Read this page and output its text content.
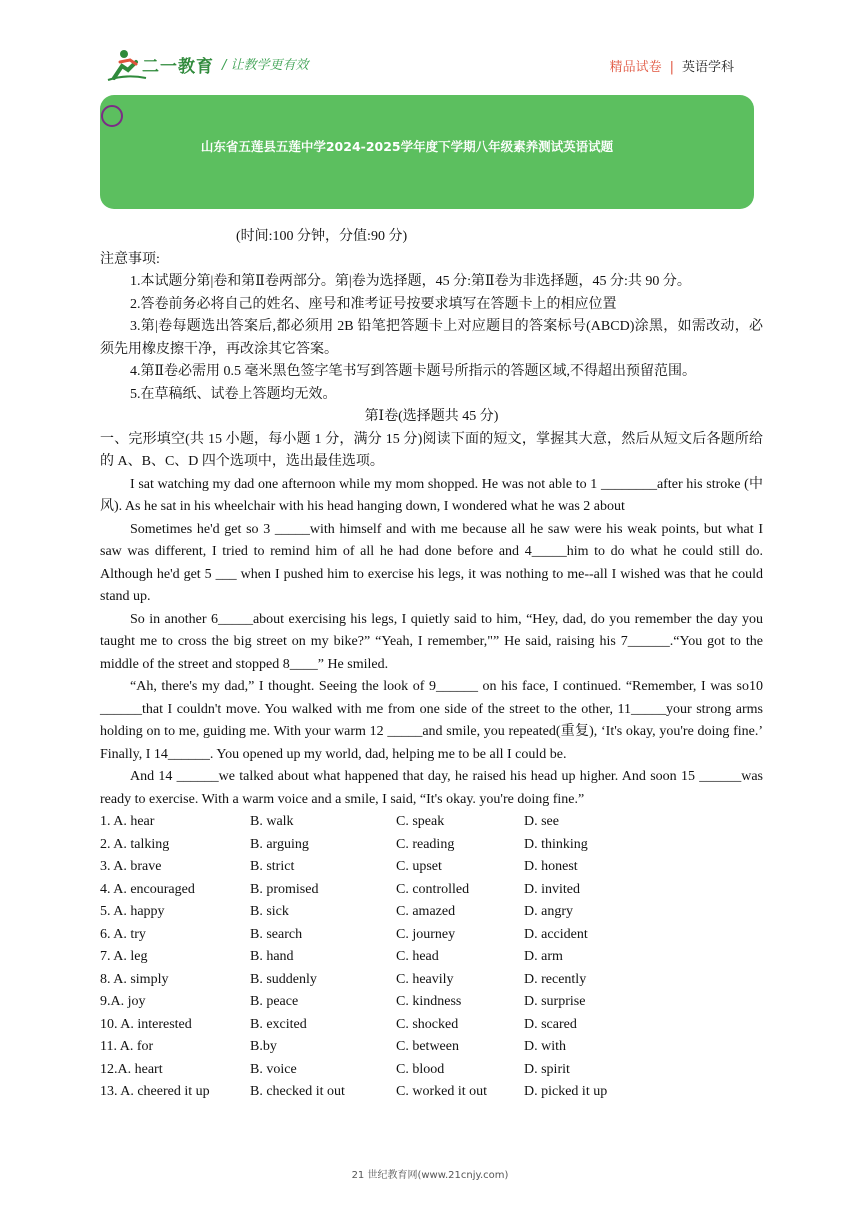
二一教育 / 让教学更有效	精品试卷 | 英语学科
山东省五莲县五莲中学2024-2025学年度下学期八年级素养测试英语试题

(时间:100 分钟，分值:90 分)

注意事项:

1.本试题分第|卷和第Ⅱ卷两部分。第|卷为选择题，45 分:第Ⅱ卷为非选择题，45 分:共 90 分。

2.答卷前务必将自己的姓名、座号和准考证号按要求填写在答题卡上的相应位置

3.第|卷每题选出答案后,都必须用 2B 铅笔把答题卡上对应题目的答案标号(ABCD)涂黑，如需改动，必须先用橡皮擦干净，再改涂其它答案。

4.第Ⅱ卷必需用 0.5 毫米黑色签字笔书写到答题卡题号所指示的答题区域,不得超出预留范围。

5.在草稿纸、试卷上答题均无效。

第Ⅰ卷(选择题共 45 分)

一、完形填空(共 15 小题，每小题 1 分，满分 15 分)阅读下面的短文，掌握其大意，然后从短文后各题所给的 A、B、C、D 四个选项中，选出最佳选项。

I sat watching my dad one afternoon while my mom shopped. He was not able to 1 ________after his stroke (中风). As he sat in his wheelchair with his head hanging down, I wondered what he was 2 about

Sometimes he'd get so 3 _____with himself and with me because all he saw were his weak points, but what I saw was different, I tried to remind him of all he had done before and 4_____him to do what he could still do. Although he'd get 5 ___ when I pushed him to exercise his legs, it was nothing to me--all I wished was that he could stand up.

So in another 6_____about exercising his legs, I quietly said to him, “Hey, dad, do you remember the day you taught me to cross the big street on my bike?” “Yeah, I remember,"” He said, raising his 7______.“You got to the middle of the street and stopped 8____” He smiled.

“Ah, there's my dad,” I thought. Seeing the look of 9______ on his face, I continued. “Remember, I was so10 ______that I couldn't move. You walked with me from one side of the street to the other, 11_____your strong arms holding on to me, guiding me. With your warm 12 _____and smile, you repeated(重复), ‘It's okay, you're doing fine.’ Finally, I 14______. You opened up my world, dad, helping me to be all I could be.

And 14 ______we talked about what happened that day, he raised his head up higher. And soon 15 ______was ready to exercise. With a warm voice and a smile, I said, “It's okay. you're doing fine.”

1. A. hear	B. walk	C. speak	D. see
2. A. talking	B. arguing	C. reading	D. thinking
3. A. brave	B. strict	C. upset	D. honest
4. A. encouraged	B. promised	C. controlled	D. invited
5. A. happy	B. sick	C. amazed	D. angry
6. A. try	B. search	C. journey	D. accident
7. A. leg	B. hand	C. head	D. arm
8. A. simply	B. suddenly	C. heavily	D. recently
9.A. joy	B. peace	C. kindness	D. surprise
10. A. interested	B. excited	C. shocked	D. scared
11. A. for	B.by	C. between	D. with
12.A. heart	B. voice	C. blood	D. spirit
13. A. cheered it up	B. checked it out	C. worked it out	D. picked it up
21 世纪教育网(www.21cnjy.com)
